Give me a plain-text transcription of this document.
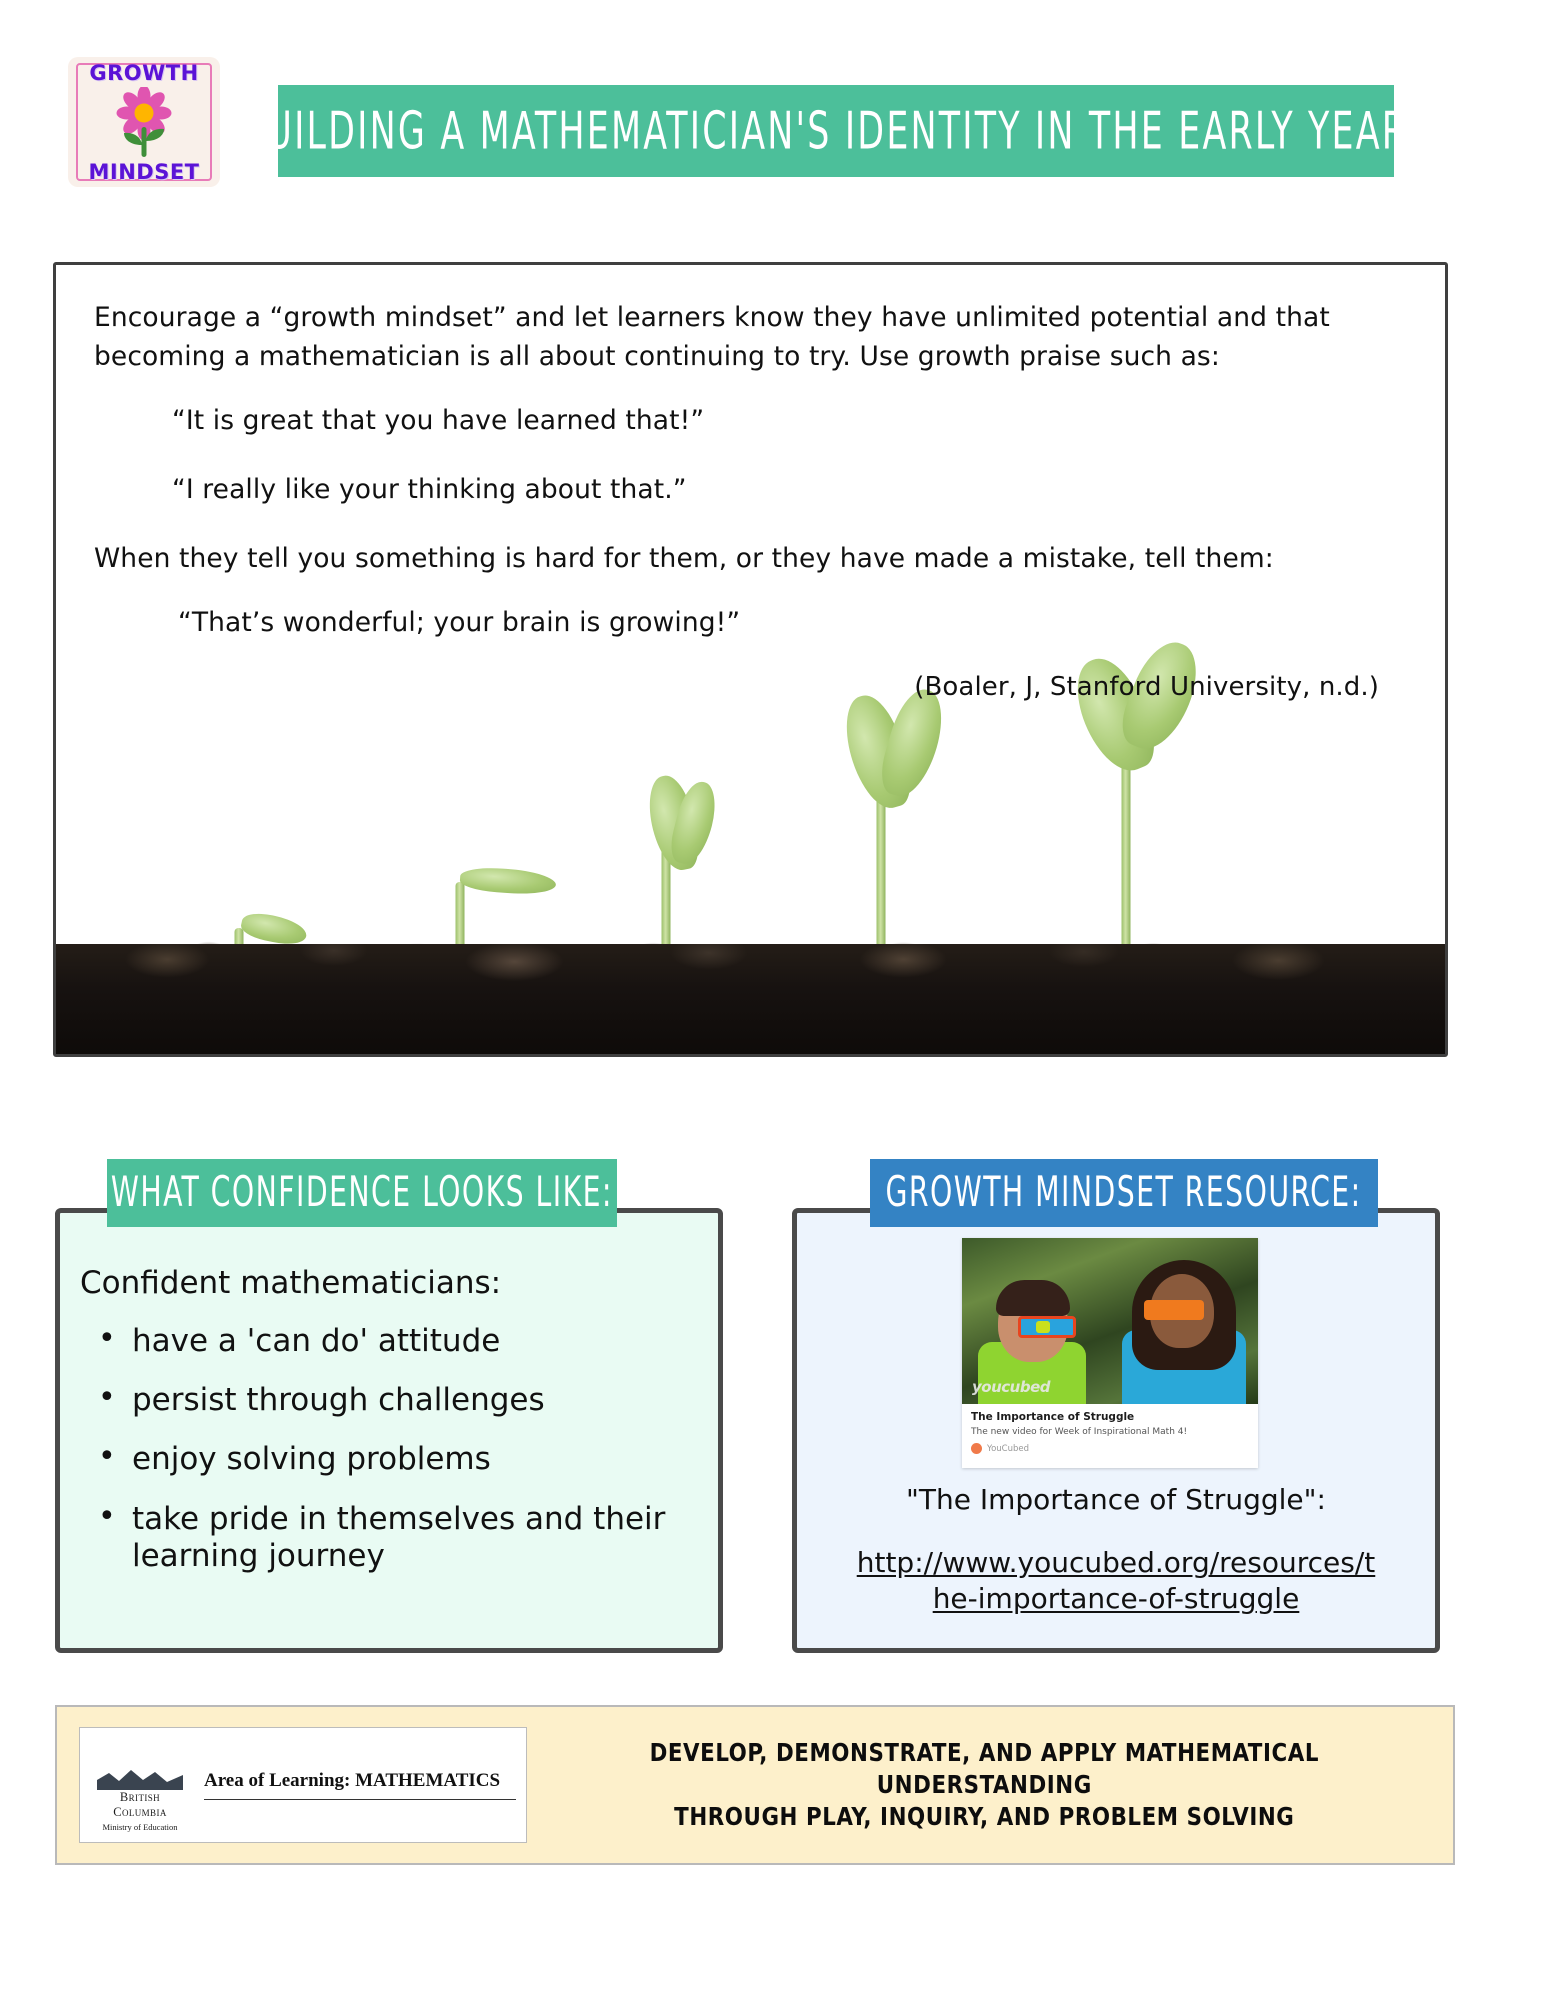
GROWTH
MINDSET
BUILDING A MATHEMATICIAN'S IDENTITY IN THE EARLY YEARS

Encourage a “growth mindset” and let learners know they have unlimited potential and that becoming a mathematician is all about continuing to try. Use growth praise such as:

“It is great that you have learned that!”

“I really like your thinking about that.”

When they tell you something is hard for them, or they have made a mistake, tell them:

“That’s wonderful; your brain is growing!”

(Boaler, J, Stanford University, n.d.)
WHAT CONFIDENCE LOOKS LIKE:

Confident mathematicians:

• have a 'can do' attitude
• persist through challenges
• enjoy solving problems
• take pride in themselves and their learning journey
GROWTH MINDSET RESOURCE:
youcubed

The Importance of Struggle

The new video for Week of Inspirational Math 4!

YouCubed
"The Importance of Struggle":
http://www.youcubed.org/resources/t
he-importance-of-struggle
British
Columbia
Ministry of Education
Area of Learning: MATHEMATICS
DEVELOP, DEMONSTRATE, AND APPLY MATHEMATICAL UNDERSTANDING
THROUGH PLAY, INQUIRY, AND PROBLEM SOLVING
